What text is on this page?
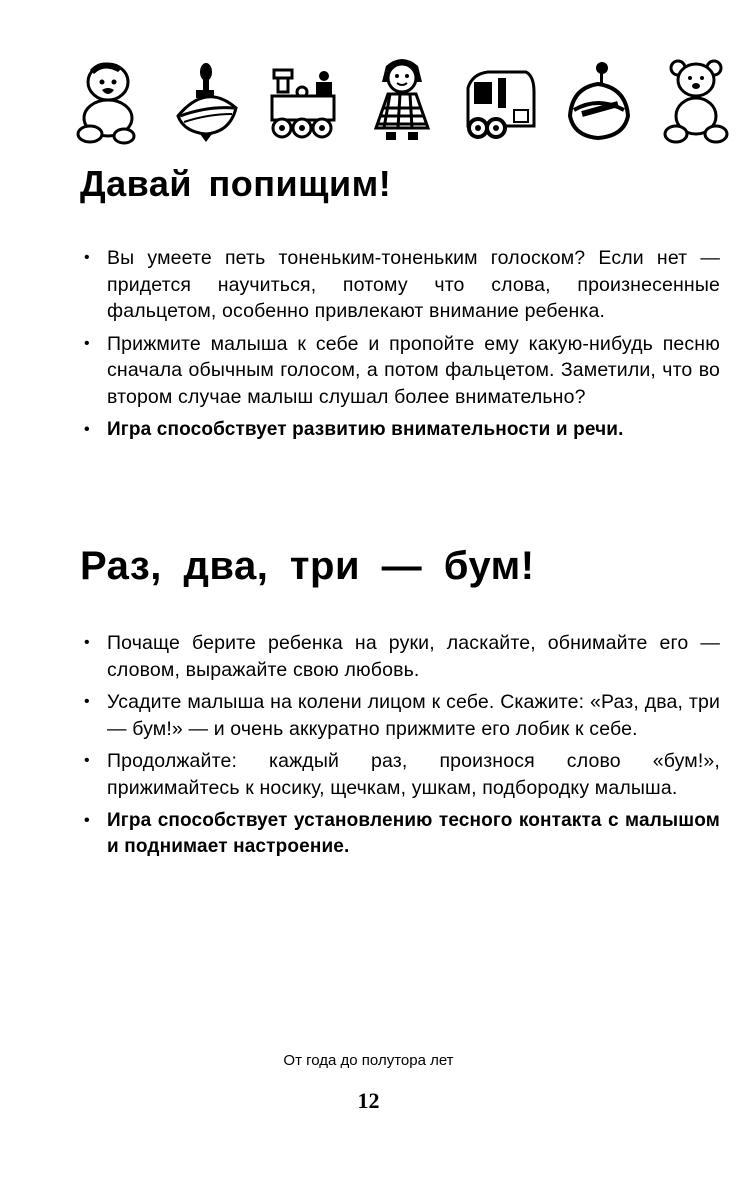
Давай попищим!
• Вы умеете петь тоненьким-тоненьким голоском? Если нет — придется научиться, потому что слова, произнесенные фальцетом, особенно привлекают внимание ребенка.
• Прижмите малыша к себе и пропойте ему какую-нибудь песню сначала обычным голосом, а потом фальцетом. Заметили, что во втором случае малыш слушал более внимательно?
• Игра способствует развитию внимательности и речи.
Раз, два, три — бум!
• Почаще берите ребенка на руки, ласкайте, обнимайте его — словом, выражайте свою любовь.
• Усадите малыша на колени лицом к себе. Скажите: «Раз, два, три — бум!» — и очень аккуратно прижмите его лобик к себе.
• Продолжайте: каждый раз, произнося слово «бум!», прижимайтесь к носику, щечкам, ушкам, подбородку малыша.
• Игра способствует установлению тесного контакта с малышом и поднимает настроение.
От года до полутора лет
12
